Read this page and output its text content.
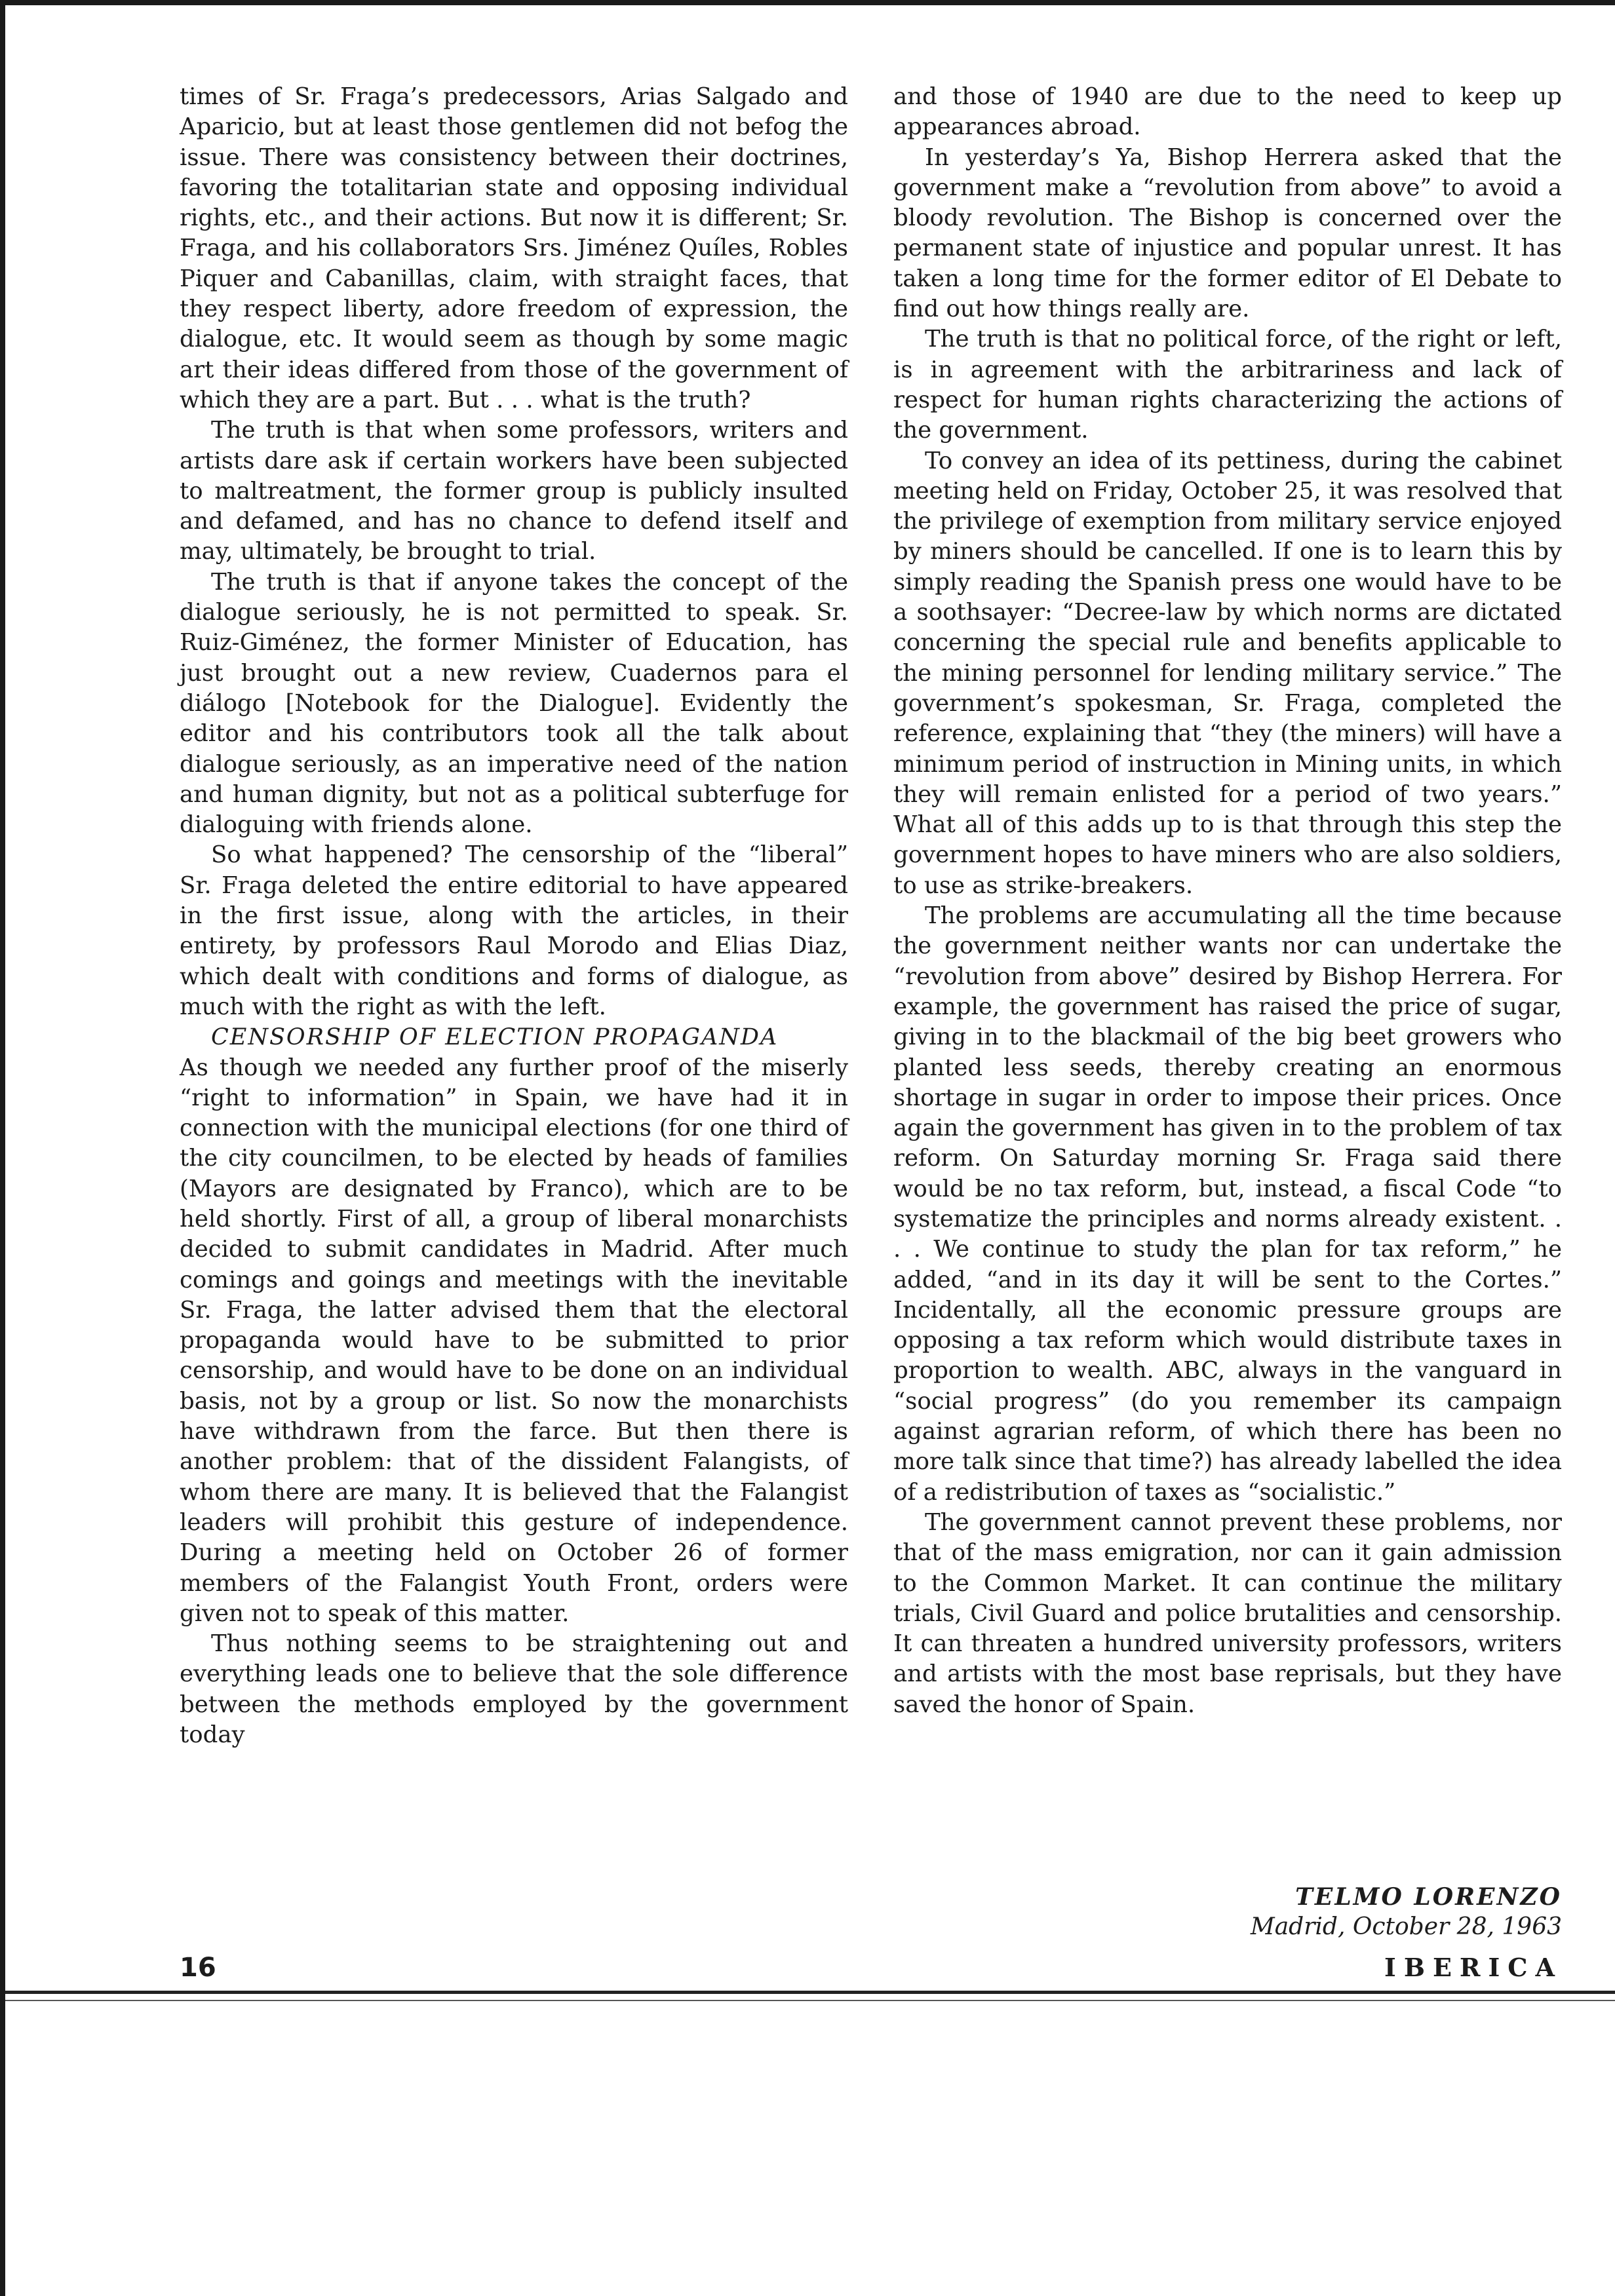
times of Sr. Fraga’s predecessors, Arias Salgado and Aparicio, but at least those gentlemen did not befog the issue. There was consistency between their doctrines, favoring the totalitarian state and opposing individual rights, etc., and their actions. But now it is different; Sr. Fraga, and his collaborators Srs. Jiménez Quíles, Robles Piquer and Cabanillas, claim, with straight faces, that they respect liberty, adore freedom of expression, the dialogue, etc. It would seem as though by some magic art their ideas differed from those of the government of which they are a part. But . . . what is the truth?

The truth is that when some professors, writers and artists dare ask if certain workers have been subjected to maltreatment, the former group is publicly insulted and defamed, and has no chance to defend itself and may, ultimately, be brought to trial.

The truth is that if anyone takes the concept of the dialogue seriously, he is not permitted to speak. Sr. Ruiz-Giménez, the former Minister of Education, has just brought out a new review, Cuadernos para el diálogo [Notebook for the Dialogue]. Evidently the editor and his contributors took all the talk about dialogue seriously, as an imperative need of the nation and human dignity, but not as a political subterfuge for dialoguing with friends alone.

So what happened? The censorship of the “liberal” Sr. Fraga deleted the entire editorial to have appeared in the first issue, along with the articles, in their entirety, by professors Raul Morodo and Elias Diaz, which dealt with conditions and forms of dialogue, as much with the right as with the left.

CENSORSHIP OF ELECTION PROPAGANDA

As though we needed any further proof of the miserly “right to information” in Spain, we have had it in connection with the municipal elections (for one third of the city councilmen, to be elected by heads of families (Mayors are designated by Franco), which are to be held shortly. First of all, a group of liberal monarchists decided to submit candidates in Madrid. After much comings and goings and meetings with the inevitable Sr. Fraga, the latter advised them that the electoral propaganda would have to be submitted to prior censorship, and would have to be done on an individual basis, not by a group or list. So now the monarchists have withdrawn from the farce. But then there is another problem: that of the dissident Falangists, of whom there are many. It is believed that the Falangist leaders will prohibit this gesture of independence. During a meeting held on October 26 of former members of the Falangist Youth Front, orders were given not to speak of this matter.

Thus nothing seems to be straightening out and everything leads one to believe that the sole difference between the methods employed by the government today

and those of 1940 are due to the need to keep up appearances abroad.

In yesterday’s Ya, Bishop Herrera asked that the government make a “revolution from above” to avoid a bloody revolution. The Bishop is concerned over the permanent state of injustice and popular unrest. It has taken a long time for the former editor of El Debate to find out how things really are.

The truth is that no political force, of the right or left, is in agreement with the arbitrariness and lack of respect for human rights characterizing the actions of the government.

To convey an idea of its pettiness, during the cabinet meeting held on Friday, October 25, it was resolved that the privilege of exemption from military service enjoyed by miners should be cancelled. If one is to learn this by simply reading the Spanish press one would have to be a soothsayer: “Decree-law by which norms are dictated concerning the special rule and benefits applicable to the mining personnel for lending military service.” The government’s spokesman, Sr. Fraga, completed the reference, explaining that “they (the miners) will have a minimum period of instruction in Mining units, in which they will remain enlisted for a period of two years.” What all of this adds up to is that through this step the government hopes to have miners who are also soldiers, to use as strike-breakers.

The problems are accumulating all the time because the government neither wants nor can undertake the “revolution from above” desired by Bishop Herrera. For example, the government has raised the price of sugar, giving in to the blackmail of the big beet growers who planted less seeds, thereby creating an enormous shortage in sugar in order to impose their prices. Once again the government has given in to the problem of tax reform. On Saturday morning Sr. Fraga said there would be no tax reform, but, instead, a fiscal Code “to systematize the principles and norms already existent. . . . We continue to study the plan for tax reform,” he added, “and in its day it will be sent to the Cortes.” Incidentally, all the economic pressure groups are opposing a tax reform which would distribute taxes in proportion to wealth. ABC, always in the vanguard in “social progress” (do you remember its campaign against agrarian reform, of which there has been no more talk since that time?) has already labelled the idea of a redistribution of taxes as “socialistic.”

The government cannot prevent these problems, nor that of the mass emigration, nor can it gain admission to the Common Market. It can continue the military trials, Civil Guard and police brutalities and censorship. It can threaten a hundred university professors, writers and artists with the most base reprisals, but they have saved the honor of Spain.

TELMO LORENZO
Madrid, October 28, 1963
16	IBERICA
